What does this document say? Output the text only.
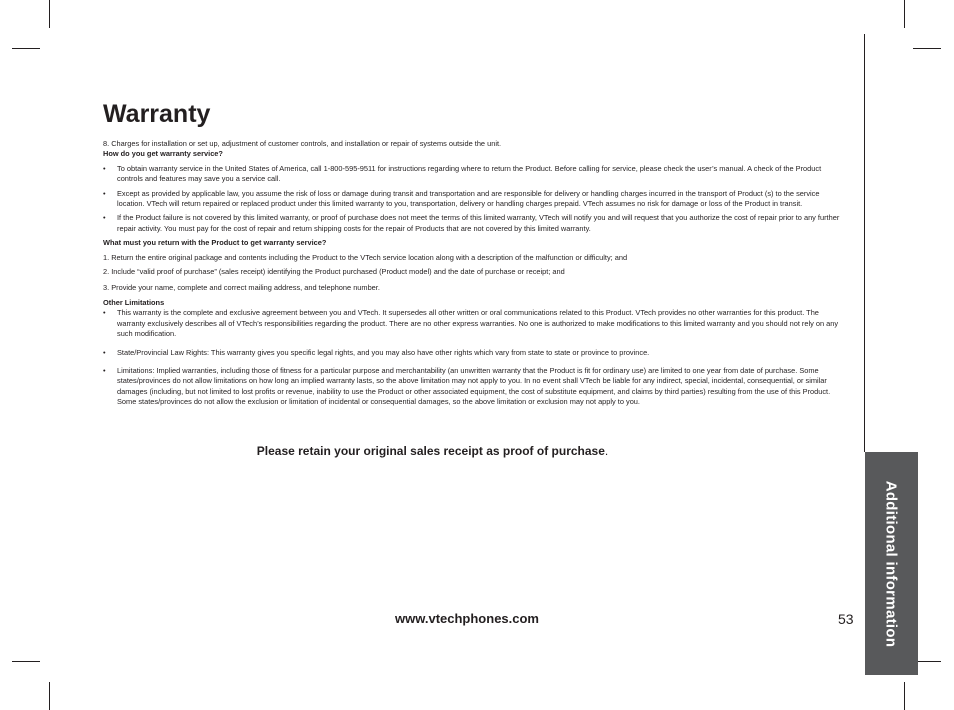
Additional information
Warranty

8. Charges for installation or set up, adjustment of customer controls, and installation or repair of systems outside the unit.

How do you get warranty service?

•	To obtain warranty service in the United States of America, call 1-800-595-9511 for instructions regarding where to return the Product. Before calling for service, please check the user’s manual. A check of the Product controls and features may save you a service call.
•	Except as provided by applicable law, you assume the risk of loss or damage during transit and transportation and are responsible for delivery or handling charges incurred in the transport of Product (s) to the service location. VTech will return repaired or replaced product under this limited warranty to you, transportation, delivery or handling charges prepaid. VTech assumes no risk for damage or loss of the Product in transit.
•	If the Product failure is not covered by this limited warranty, or proof of purchase does not meet the terms of this limited warranty, VTech will notify you and will request that you authorize the cost of repair prior to any further repair activity. You must pay for the cost of repair and return shipping costs for the repair of Products that are not covered by this limited warranty.

What must you return with the Product to get warranty service?

1. Return the entire original package and contents including the Product to the VTech service location along with a description of the malfunction or difficulty; and

2. Include “valid proof of purchase” (sales receipt) identifying the Product purchased (Product model) and the date of purchase or receipt; and

3. Provide your name, complete and correct mailing address, and telephone number.

Other Limitations

•	This warranty is the complete and exclusive agreement between you and VTech. It supersedes all other written or oral communications related to this Product. VTech provides no other warranties for this product. The warranty exclusively describes all of VTech’s responsibilities regarding the product. There are no other express warranties. No one is authorized to make modifications to this limited warranty and you should not rely on any such modification.
•	State/Provincial Law Rights: This warranty gives you specific legal rights, and you may also have other rights which vary from state to state or province to province.
•	Limitations: Implied warranties, including those of fitness for a particular purpose and merchantability (an unwritten warranty that the Product is fit for ordinary use) are limited to one year from date of purchase. Some states/provinces do not allow limitations on how long an implied warranty lasts, so the above limitation may not apply to you. In no event shall VTech be liable for any indirect, special, incidental, consequential, or similar damages (including, but not limited to lost profits or revenue, inability to use the Product or other associated equipment, the cost of substitute equipment, and claims by third parties) resulting from the use of this Product. Some states/provinces do not allow the exclusion or limitation of incidental or consequential damages, so the above limitation or exclusion may not apply to you.
Please retain your original sales receipt as proof of purchase.
www.vtechphones.com	53
